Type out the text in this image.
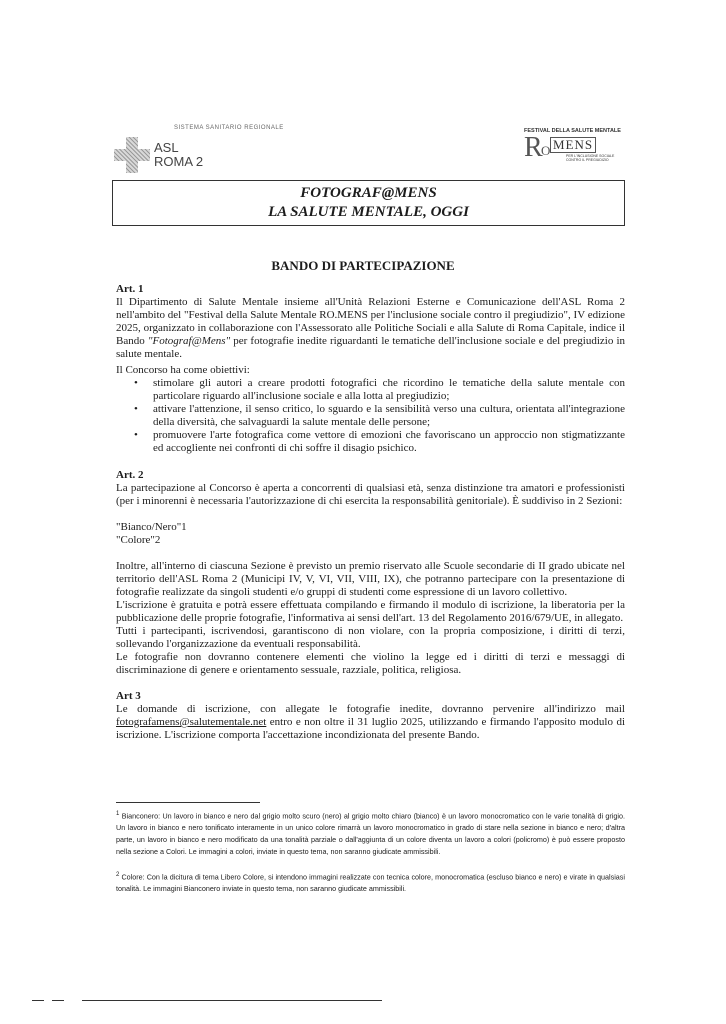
SISTEMA SANITARIO REGIONALE
ASL
ROMA 2
FESTIVAL DELLA SALUTE MENTALE
R
O MENS
PER L'INCLUSIONE SOCIALE CONTRO IL PREGIUDIZIO
FOTOGRAF@MENS
LA SALUTE MENTALE, OGGI
BANDO DI PARTECIPAZIONE
Art. 1
Il Dipartimento di Salute Mentale insieme all'Unità Relazioni Esterne e Comunicazione dell'ASL Roma 2 nell'ambito del "Festival della Salute Mentale RO.MENS per l'inclusione sociale contro il pregiudizio", IV edizione 2025, organizzato in collaborazione con l'Assessorato alle Politiche Sociali e alla Salute di Roma Capitale, indice il Bando "Fotograf@Mens" per fotografie inedite riguardanti le tematiche dell'inclusione sociale e del pregiudizio in salute mentale.
Il Concorso ha come obiettivi:
• stimolare gli autori a creare prodotti fotografici che ricordino le tematiche della salute mentale con particolare riguardo all'inclusione sociale e alla lotta al pregiudizio;
• attivare l'attenzione, il senso critico, lo sguardo e la sensibilità verso una cultura, orientata all'integrazione della diversità, che salvaguardi la salute mentale delle persone;
• promuovere l'arte fotografica come vettore di emozioni che favoriscano un approccio non stigmatizzante ed accogliente nei confronti di chi soffre il disagio psichico.
Art. 2
La partecipazione al Concorso è aperta a concorrenti di qualsiasi età, senza distinzione tra amatori e professionisti (per i minorenni è necessaria l'autorizzazione di chi esercita la responsabilità genitoriale). È suddiviso in 2 Sezioni:
"Bianco/Nero"1
"Colore"2
Inoltre, all'interno di ciascuna Sezione è previsto un premio riservato alle Scuole secondarie di II grado ubicate nel territorio dell'ASL Roma 2 (Municipi IV, V, VI, VII, VIII, IX), che potranno partecipare con la presentazione di fotografie realizzate da singoli studenti e/o gruppi di studenti come espressione di un lavoro collettivo.
L'iscrizione è gratuita e potrà essere effettuata compilando e firmando il modulo di iscrizione, la liberatoria per la pubblicazione delle proprie fotografie, l'informativa ai sensi dell'art. 13 del Regolamento 2016/679/UE, in allegato.
Tutti i partecipanti, iscrivendosi, garantiscono di non violare, con la propria composizione, i diritti di terzi, sollevando l'organizzazione da eventuali responsabilità.
Le fotografie non dovranno contenere elementi che violino la legge ed i diritti di terzi e messaggi di discriminazione di genere e orientamento sessuale, razziale, politica, religiosa.
Art 3
Le domande di iscrizione, con allegate le fotografie inedite, dovranno pervenire all'indirizzo mail fotografamens@salutementale.net entro e non oltre il 31 luglio 2025, utilizzando e firmando l'apposito modulo di iscrizione. L'iscrizione comporta l'accettazione incondizionata del presente Bando.
$^1$ Bianconero: Un lavoro in bianco e nero dal grigio molto scuro (nero) al grigio molto chiaro (bianco) è un lavoro monocromatico con le varie tonalità di grigio. Un lavoro in bianco e nero tonificato interamente in un unico colore rimarrà un lavoro monocromatico in grado di stare nella sezione in bianco e nero; d'altra parte, un lavoro in bianco e nero modificato da una tonalità parziale o dall'aggiunta di un colore diventa un lavoro a colori (policromo) è può essere proposto nella sezione a Colori. Le immagini a colori, inviate in questo tema, non saranno giudicate ammissibili.
$^2$ Colore: Con la dicitura di tema Libero Colore, si intendono immagini realizzate con tecnica colore, monocromatica (escluso bianco e nero) e virate in qualsiasi tonalità. Le immagini Bianconero inviate in questo tema, non saranno giudicate ammissibili.
